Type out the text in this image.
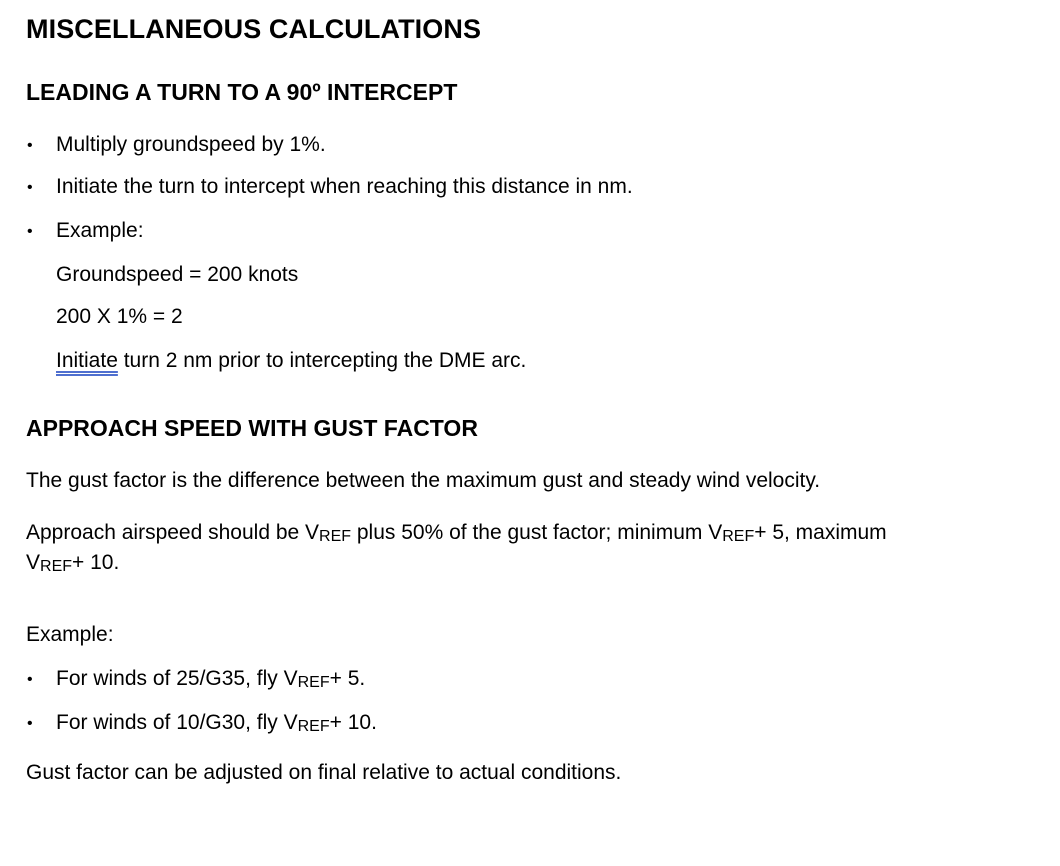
MISCELLANEOUS CALCULATIONS
LEADING A TURN TO A 90º INTERCEPT
• Multiply groundspeed by 1%.
• Initiate the turn to intercept when reaching this distance in nm.
• Example:
Groundspeed = 200 knots
200 X 1% = 2
Initiate turn 2 nm prior to intercepting the DME arc.
APPROACH SPEED WITH GUST FACTOR
The gust factor is the difference between the maximum gust and steady wind velocity.
Approach airspeed should be VREF plus 50% of the gust factor; minimum VREF+ 5, maximum
VREF+ 10.
Example:
• For winds of 25/G35, fly VREF+ 5.
• For winds of 10/G30, fly VREF+ 10.
Gust factor can be adjusted on final relative to actual conditions.
